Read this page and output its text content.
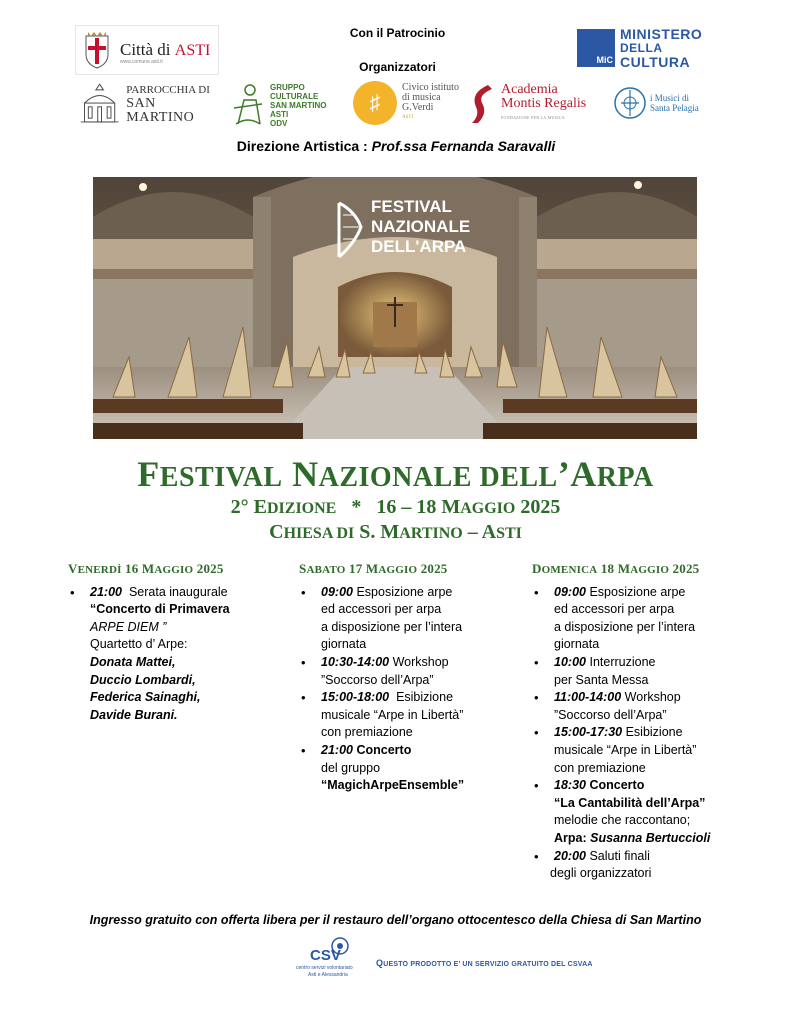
Città di ASTI
www.comune.asti.it
Con il Patrocinio
Organizzatori	MiC
MINISTERO
DELLA
CULTURA
PARROCCHIA DI
SAN MARTINO
GRUPPO
CULTURALE
SAN MARTINO
ASTI
ODV
♯
Civico istituto
di musica
G.Verdi
ASTI
Academia
Montis Regalis
FONDAZIONE PER LA MUSICA
i Musici di
Santa Pelagia
Direzione Artistica : Prof.ssa Fernanda Saravalli
FESTIVAL
NAZIONALE
DELL'ARPA
FESTIVAL NAZIONALE DELL’ARPA
2° EDIZIONE * 16 – 18 MAGGIO 2025
CHIESA DI S. MARTINO – ASTI
VENERDÌ 16 MAGGIO 2025
• 21:00 Serata inaugurale
“Concerto di Primavera
ARPE DIEM ”
Quartetto d’ Arpe:
Donata Mattei,
Duccio Lombardi,
Federica Sainaghi,
Davide Burani.
SABATO 17 MAGGIO 2025
• 09:00 Esposizione arpe
ed accessori per arpa
a disposizione per l’intera
giornata
• 10:30-14:00 Workshop
”Soccorso dell’Arpa”
• 15:00-18:00 Esibizione
musicale “Arpe in Libertà”
con premiazione
• 21:00 Concerto
del gruppo
“MagichArpeEnsemble”
DOMENICA 18 MAGGIO 2025
• 09:00 Esposizione arpe
ed accessori per arpa
a disposizione per l’intera
giornata
• 10:00 Interruzione
per Santa Messa
• 11:00-14:00 Workshop
”Soccorso dell’Arpa”
• 15:00-17:30 Esibizione
musicale “Arpe in Libertà”
con premiazione
• 18:30 Concerto
“La Cantabilità dell’Arpa”
melodie che raccontano;
Arpa: Susanna Bertuccioli
• 20:00 Saluti finali
degli organizzatori
Ingresso gratuito con offerta libera per il restauro dell’organo ottocentesco della Chiesa di San Martino
CSV
centro servizi volontariato
Asti e Alessandria
QUESTO PRODOTTO E’ UN SERVIZIO GRATUITO DEL CSVAA
